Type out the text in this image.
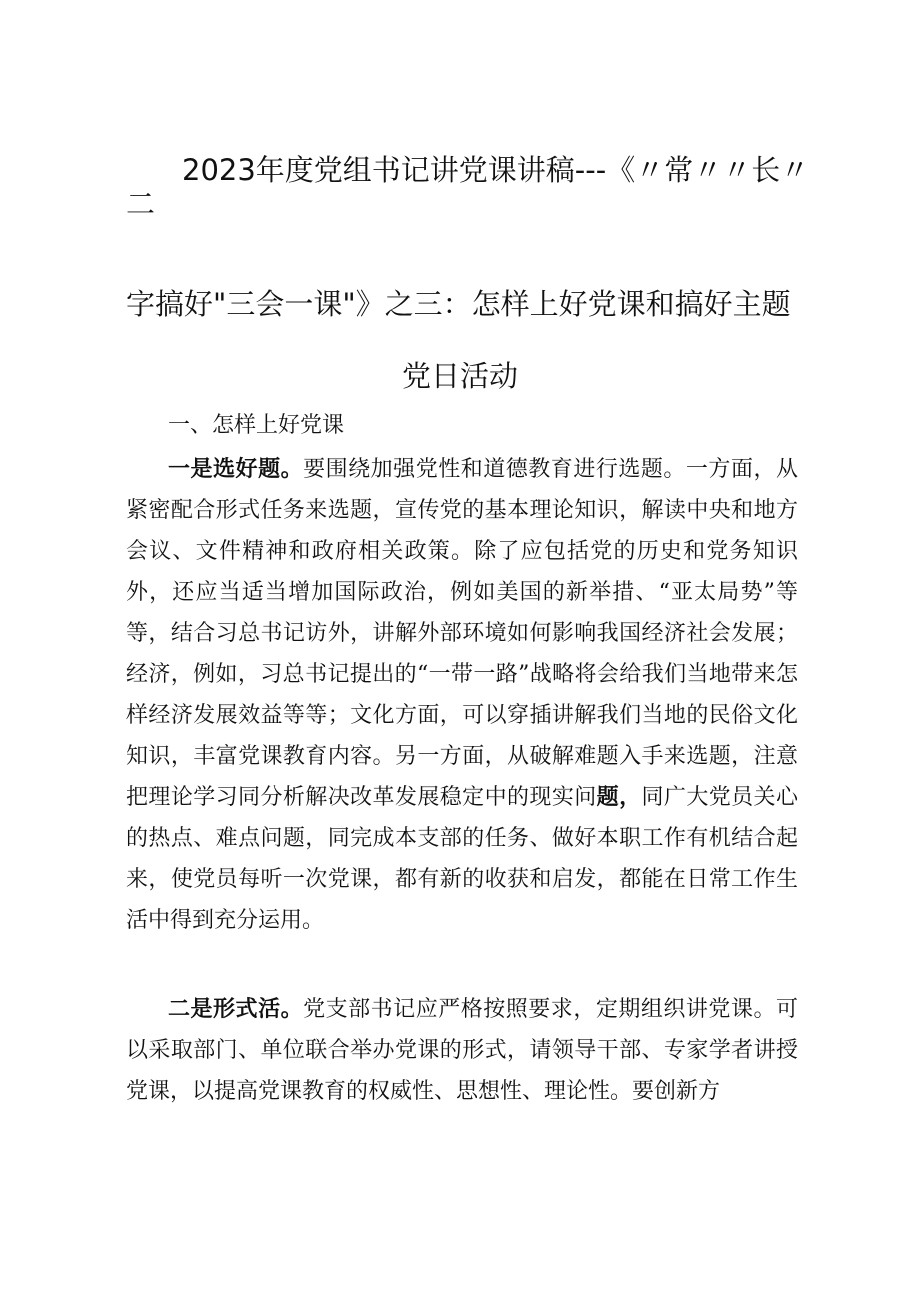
2023年度党组书记讲党课讲稿---《〃常〃〃长〃
二
字搞好"三会一课"》之三：怎样上好党课和搞好主题
党日活动
一、怎样上好党课
一是选好题。要围绕加强党性和道德教育进行选题。一方面，从紧密配合形式任务来选题，宣传党的基本理论知识，解读中央和地方会议、文件精神和政府相关政策。除了应包括党的历史和党务知识外，还应当适当增加国际政治，例如美国的新举措、“亚太局势”等等，结合习总书记访外，讲解外部环境如何影响我国经济社会发展；经济，例如，习总书记提出的“一带一路”战略将会给我们当地带来怎样经济发展效益等等；文化方面，可以穿插讲解我们当地的民俗文化知识，丰富党课教育内容。另一方面，从破解难题入手来选题，注意把理论学习同分析解决改革发展稳定中的现实问题，同广大党员关心的热点、难点问题，同完成本支部的任务、做好本职工作有机结合起来，使党员每听一次党课，都有新的收获和启发，都能在日常工作生活中得到充分运用。
二是形式活。党支部书记应严格按照要求，定期组织讲党课。可以采取部门、单位联合举办党课的形式，请领导干部、专家学者讲授党课，以提高党课教育的权威性、思想性、理论性。要创新方
